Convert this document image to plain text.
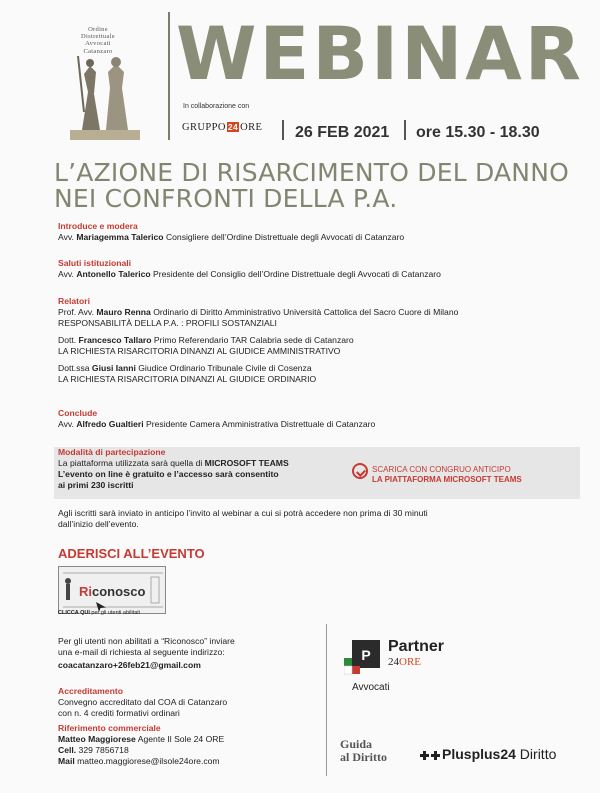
Ordine
Distrettuale
Avvocati
Catanzaro WEBINAR
In collaborazione con
GRUPPO 24 ORE 26 FEB 2021 ore 15.30 - 18.30
L’AZIONE DI RISARCIMENTO DEL DANNO
NEI CONFRONTI DELLA P.A.
Introduce e modera
Avv. Mariagemma Talerico Consigliere dell’Ordine Distrettuale degli Avvocati di Catanzaro
Saluti istituzionali
Avv. Antonello Talerico Presidente del Consiglio dell’Ordine Distrettuale degli Avvocati di Catanzaro
Relatori
Prof. Avv. Mauro Renna Ordinario di Diritto Amministrativo Università Cattolica del Sacro Cuore di Milano
RESPONSABILITÀ DELLA P.A. : PROFILI SOSTANZIALI
Dott. Francesco Tallaro Primo Referendario TAR Calabria sede di Catanzaro
LA RICHIESTA RISARCITORIA DINANZI AL GIUDICE AMMINISTRATIVO
Dott.ssa Giusi Ianni Giudice Ordinario Tribunale Civile di Cosenza
LA RICHIESTA RISARCITORIA DINANZI AL GIUDICE ORDINARIO
Conclude
Avv. Alfredo Gualtieri Presidente Camera Amministrativa Distrettuale di Catanzaro
Modalità di partecipazione
La piattaforma utilizzata sarà quella di MICROSOFT TEAMS
L’evento on line è gratuito e l’accesso sarà consentito
ai primi 230 iscritti
SCARICA CON CONGRUO ANTICIPO
LA PIATTAFORMA MICROSOFT TEAMS
Agli iscritti sarà inviato in anticipo l’invito al webinar a cui si potrà accedere non prima di 30 minuti
dall’inizio dell’evento.
ADERISCI ALL’EVENTO
Riconosco
CLICCA QUI per gli utenti abilitati
Per gli utenti non abilitati a “Riconosco” inviare
una e-mail di richiesta al seguente indirizzo:
coacatanzaro+26feb21@gmail.com
Accreditamento
Convegno accreditato dal COA di Catanzaro
con n. 4 crediti formativi ordinari
Riferimento commerciale
Matteo Maggiorese Agente Il Sole 24 ORE
Cell. 329 7856718
Mail matteo.maggiorese@ilsole24ore.com
P Partner
24ORE
Avvocati
Guida
al Diritto	Plusplus24 Diritto
